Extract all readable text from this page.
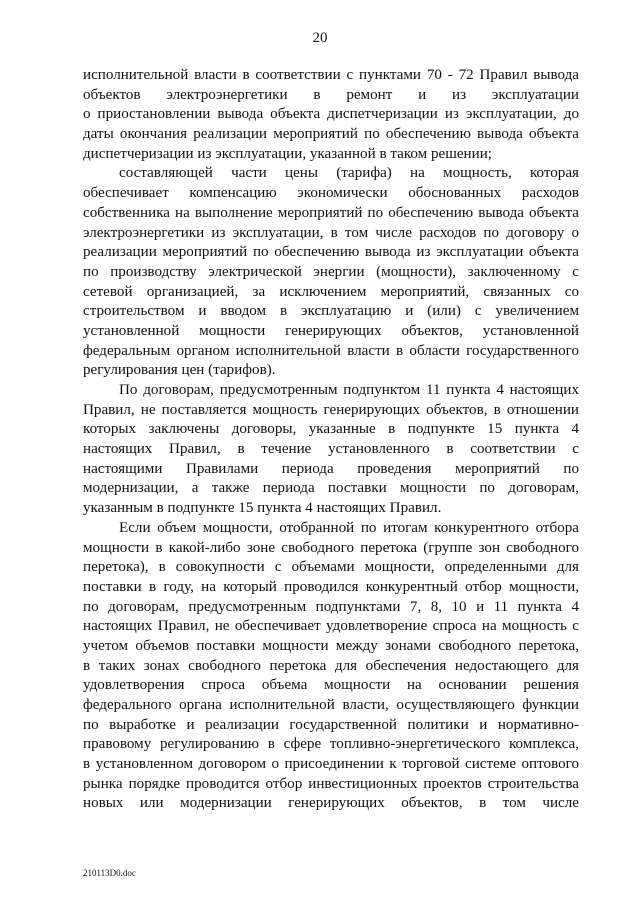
20
исполнительной власти в соответствии с пунктами 70 - 72 Правил вывода
объектов электроэнергетики в ремонт и из эксплуатации
о приостановлении вывода объекта диспетчеризации из эксплуатации, до
даты окончания реализации мероприятий по обеспечению вывода объекта
диспетчеризации из эксплуатации, указанной в таком решении;
составляющей части цены (тарифа) на мощность, которая
обеспечивает компенсацию экономически обоснованных расходов
собственника на выполнение мероприятий по обеспечению вывода объекта
электроэнергетики из эксплуатации, в том числе расходов по договору о
реализации мероприятий по обеспечению вывода из эксплуатации объекта
по производству электрической энергии (мощности), заключенному с
сетевой организацией, за исключением мероприятий, связанных со
строительством и вводом в эксплуатацию и (или) с увеличением
установленной мощности генерирующих объектов, установленной
федеральным органом исполнительной власти в области государственного
регулирования цен (тарифов).
По договорам, предусмотренным подпунктом 11 пункта 4 настоящих
Правил, не поставляется мощность генерирующих объектов, в отношении
которых заключены договоры, указанные в подпункте 15 пункта 4
настоящих Правил, в течение установленного в соответствии с
настоящими Правилами периода проведения мероприятий по
модернизации, а также периода поставки мощности по договорам,
указанным в подпункте 15 пункта 4 настоящих Правил.
Если объем мощности, отобранной по итогам конкурентного отбора
мощности в какой-либо зоне свободного перетока (группе зон свободного
перетока), в совокупности с объемами мощности, определенными для
поставки в году, на который проводился конкурентный отбор мощности,
по договорам, предусмотренным подпунктами 7, 8, 10 и 11 пункта 4
настоящих Правил, не обеспечивает удовлетворение спроса на мощность с
учетом объемов поставки мощности между зонами свободного перетока,
в таких зонах свободного перетока для обеспечения недостающего для
удовлетворения спроса объема мощности на основании решения
федерального органа исполнительной власти, осуществляющего функции
по выработке и реализации государственной политики и нормативно-
правовому регулированию в сфере топливно-энергетического комплекса,
в установленном договором о присоединении к торговой системе оптового
рынка порядке проводится отбор инвестиционных проектов строительства
новых или модернизации генерирующих объектов, в том числе
210113D0.doc
